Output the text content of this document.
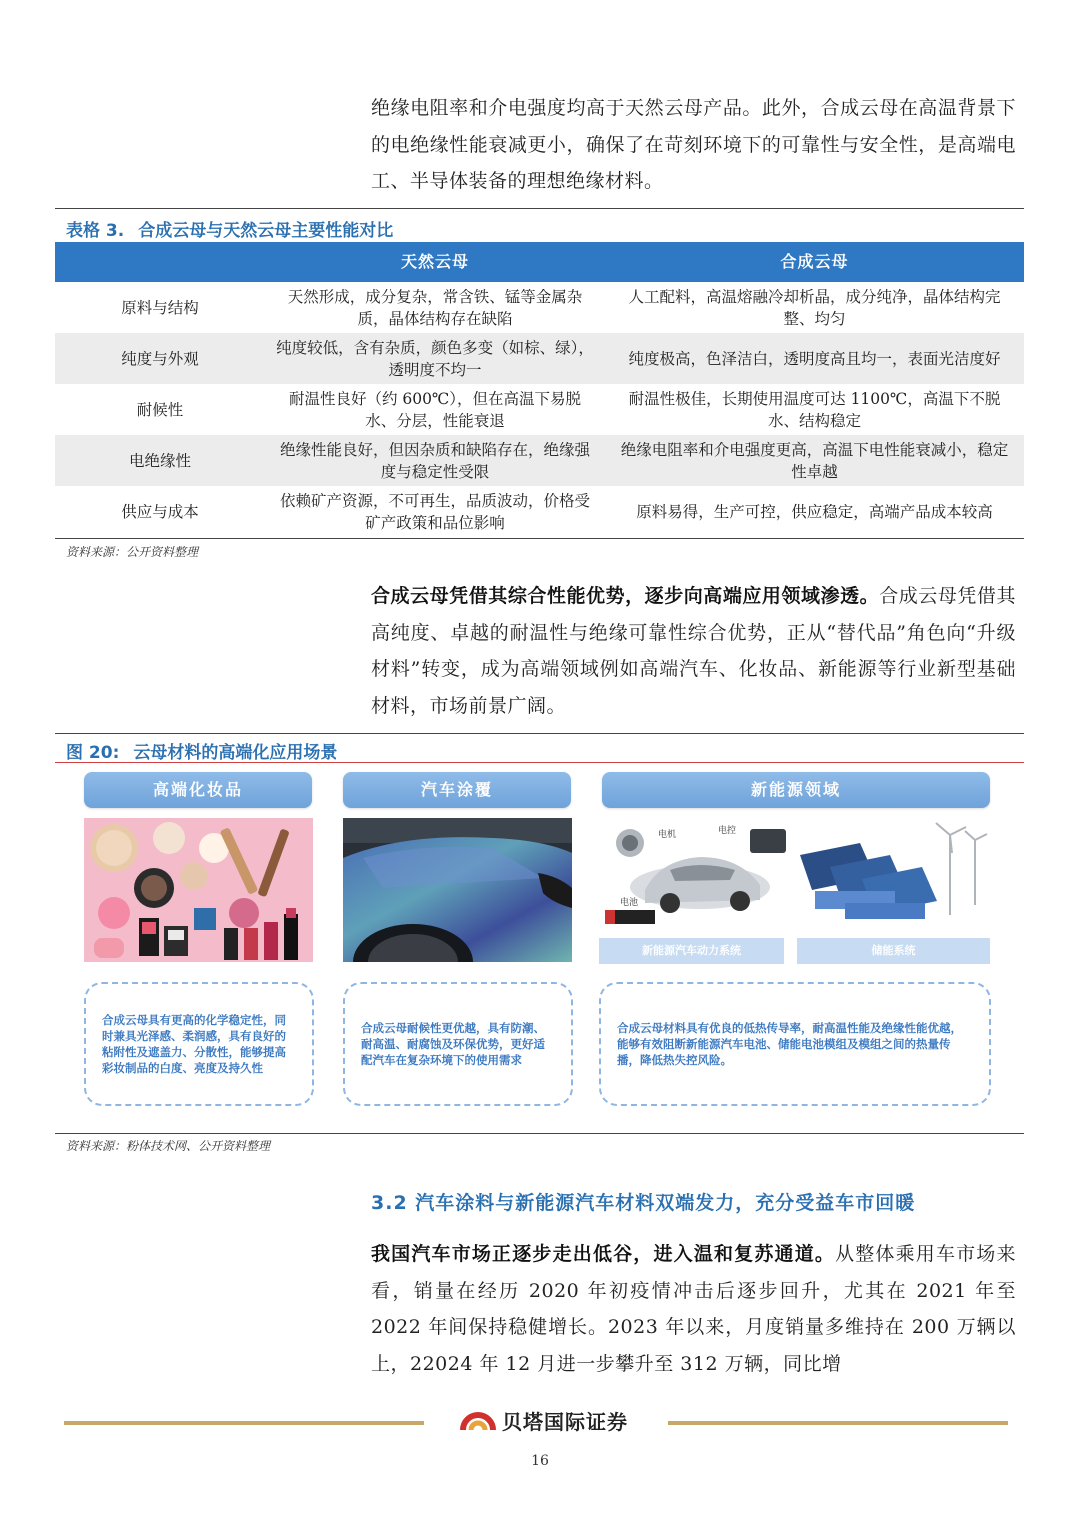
绝缘电阻率和介电强度均高于天然云母产品。此外，合成云母在高温背景下的电绝缘性能衰减更小，确保了在苛刻环境下的可靠性与安全性，是高端电工、半导体装备的理想绝缘材料。
表格 3. 合成云母与天然云母主要性能对比
	天然云母	合成云母
原料与结构	天然形成，成分复杂，常含铁、锰等金属杂质，晶体结构存在缺陷	人工配料，高温熔融冷却析晶，成分纯净，晶体结构完整、均匀
纯度与外观	纯度较低，含有杂质，颜色多变（如棕、绿），透明度不均一	纯度极高，色泽洁白，透明度高且均一，表面光洁度好
耐候性	耐温性良好（约 600℃），但在高温下易脱水、分层，性能衰退	耐温性极佳，长期使用温度可达 1100℃，高温下不脱水、结构稳定
电绝缘性	绝缘性能良好，但因杂质和缺陷存在，绝缘强度与稳定性受限	绝缘电阻率和介电强度更高，高温下电性能衰减小，稳定性卓越
供应与成本	依赖矿产资源，不可再生，品质波动，价格受矿产政策和品位影响	原料易得，生产可控，供应稳定，高端产品成本较高
资料来源：公开资料整理
合成云母凭借其综合性能优势，逐步向高端应用领域渗透。合成云母凭借其高纯度、卓越的耐温性与绝缘可靠性综合优势，正从“替代品”角色向“升级材料”转变，成为高端领域例如高端汽车、化妆品、新能源等行业新型基础材料，市场前景广阔。
图 20: 云母材料的高端化应用场景
高端化妆品	汽车涂覆	新能源领域
电机	电控
电池
新能源汽车动力系统	储能系统
合成云母具有更高的化学稳定性，同时兼具光泽感、柔润感，具有良好的粘附性及遮盖力、分散性，能够提高彩妆制品的白度、亮度及持久性
合成云母耐候性更优越，具有防潮、耐高温、耐腐蚀及环保优势，更好适配汽车在复杂环境下的使用需求
合成云母材料具有优良的低热传导率，耐高温性能及绝缘性能优越，能够有效阻断新能源汽车电池、储能电池模组及模组之间的热量传播，降低热失控风险。
资料来源：粉体技术网、公开资料整理
3.2 汽车涂料与新能源汽车材料双端发力，充分受益车市回暖
我国汽车市场正逐步走出低谷，进入温和复苏通道。从整体乘用车市场来看，销量在经历 2020 年初疫情冲击后逐步回升，尤其在 2021 年至 2022 年间保持稳健增长。2023 年以来，月度销量多维持在 200 万辆以上，22024 年 12 月进一步攀升至 312 万辆，同比增
贝塔国际证券
16
